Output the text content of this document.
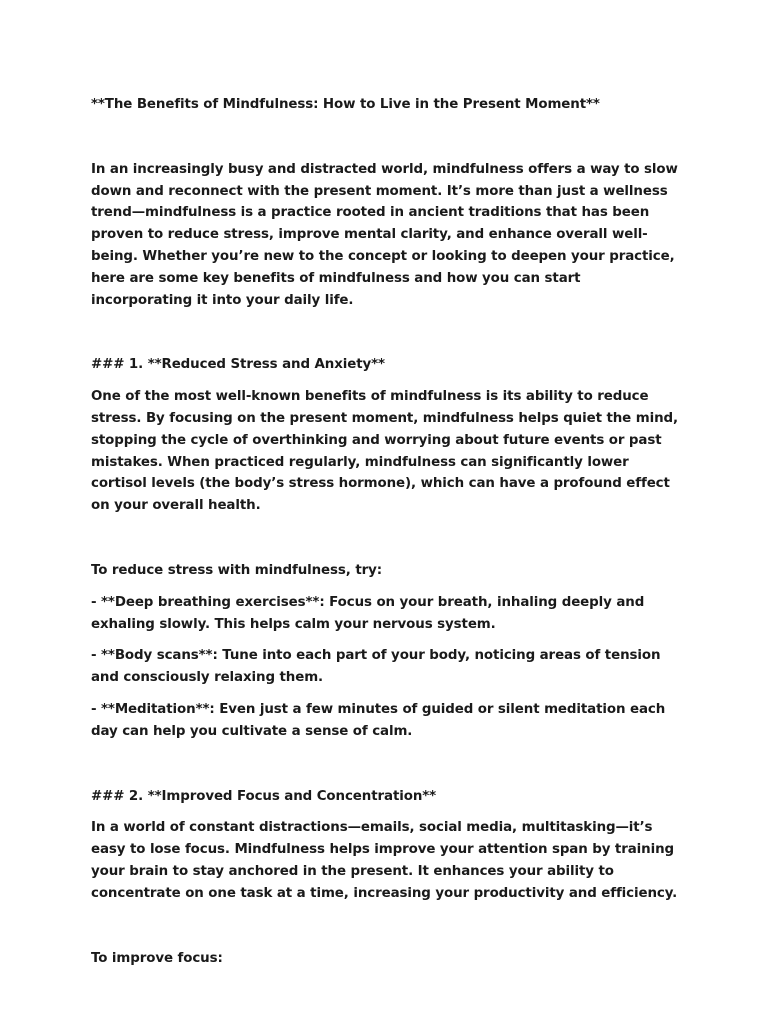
**The Benefits of Mindfulness: How to Live in the Present Moment**

In an increasingly busy and distracted world, mindfulness offers a way to slow down and reconnect with the present moment. It’s more than just a wellness trend—mindfulness is a practice rooted in ancient traditions that has been proven to reduce stress, improve mental clarity, and enhance overall well-being. Whether you’re new to the concept or looking to deepen your practice, here are some key benefits of mindfulness and how you can start incorporating it into your daily life.

### 1. **Reduced Stress and Anxiety**

One of the most well-known benefits of mindfulness is its ability to reduce stress. By focusing on the present moment, mindfulness helps quiet the mind, stopping the cycle of overthinking and worrying about future events or past mistakes. When practiced regularly, mindfulness can significantly lower cortisol levels (the body’s stress hormone), which can have a profound effect on your overall health.

To reduce stress with mindfulness, try:

- **Deep breathing exercises**: Focus on your breath, inhaling deeply and exhaling slowly. This helps calm your nervous system.

- **Body scans**: Tune into each part of your body, noticing areas of tension and consciously relaxing them.

- **Meditation**: Even just a few minutes of guided or silent meditation each day can help you cultivate a sense of calm.

### 2. **Improved Focus and Concentration**

In a world of constant distractions—emails, social media, multitasking—it’s easy to lose focus. Mindfulness helps improve your attention span by training your brain to stay anchored in the present. It enhances your ability to concentrate on one task at a time, increasing your productivity and efficiency.

To improve focus:
